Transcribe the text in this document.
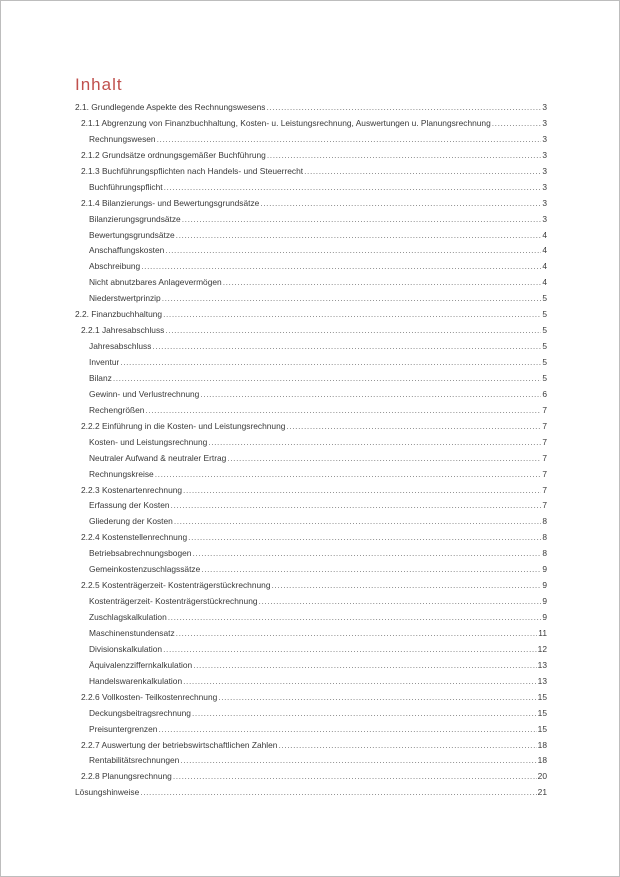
Inhalt
2.1. Grundlegende Aspekte des Rechnungswesens .....	3
2.1.1 Abgrenzung von Finanzbuchhaltung, Kosten- u. Leistungsrechnung, Auswertungen u. Planungsrechnung .....	3
Rechnungswesen .....	3
2.1.2 Grundsätze ordnungsgemäßer Buchführung .....	3
2.1.3 Buchführungspflichten nach Handels- und Steuerrecht .....	3
Buchführungspflicht .....	3
2.1.4 Bilanzierungs- und Bewertungsgrundsätze .....	3
Bilanzierungsgrundsätze .....	3
Bewertungsgrundsätze .....	4
Anschaffungskosten .....	4
Abschreibung .....	4
Nicht abnutzbares Anlagevermögen .....	4
Niederstwertprinzip .....	5
2.2. Finanzbuchhaltung .....	5
2.2.1 Jahresabschluss .....	5
Jahresabschluss .....	5
Inventur .....	5
Bilanz .....	5
Gewinn- und Verlustrechnung .....	6
Rechengrößen .....	7
2.2.2 Einführung in die Kosten- und Leistungsrechnung .....	7
Kosten- und Leistungsrechnung .....	7
Neutraler Aufwand & neutraler Ertrag .....	7
Rechnungskreise .....	7
2.2.3 Kostenartenrechnung .....	7
Erfassung der Kosten .....	7
Gliederung der Kosten .....	8
2.2.4 Kostenstellenrechnung .....	8
Betriebsabrechnungsbogen .....	8
Gemeinkostenzuschlagssätze .....	9
2.2.5 Kostenträgerzeit- Kostenträgerstückrechnung .....	9
Kostenträgerzeit- Kostenträgerstückrechnung .....	9
Zuschlagskalkulation .....	9
Maschinenstundensatz .....	11
Divisionskalkulation .....	12
Äquivalenzziffernkalkulation .....	13
Handelswarenkalkulation .....	13
2.2.6 Vollkosten- Teilkostenrechnung .....	15
Deckungsbeitragsrechnung .....	15
Preisuntergrenzen .....	15
2.2.7 Auswertung der betriebswirtschaftlichen Zahlen .....	18
Rentabilitätsrechnungen .....	18
2.2.8 Planungsrechnung .....	20
Lösungshinweise .....	21
